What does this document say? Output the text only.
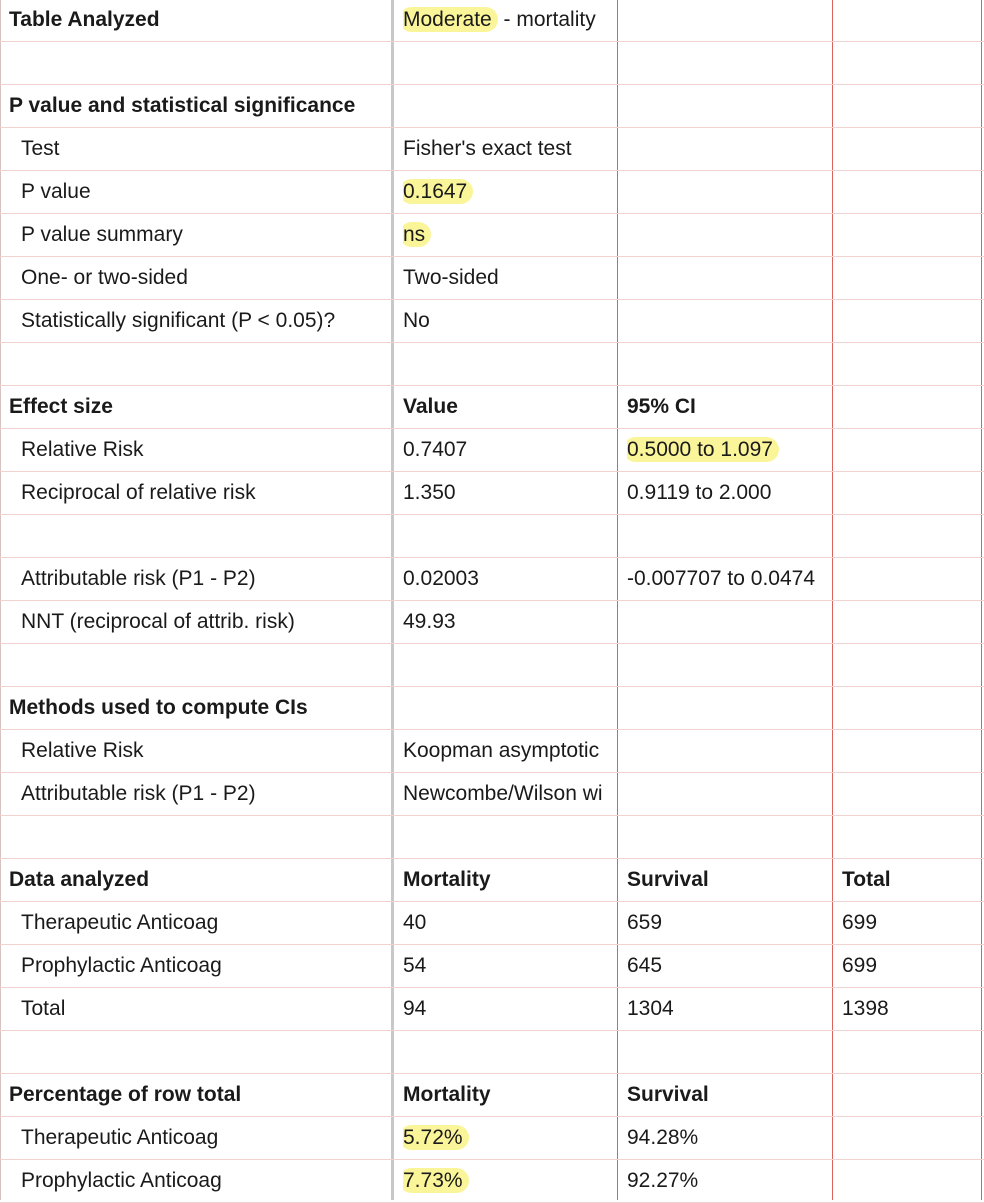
Table Analyzed	Moderate - mortality
P value and statistical significance
Test	Fisher's exact test
P value	0.1647
P value summary	ns
One- or two-sided	Two-sided
Statistically significant (P < 0.05)?	No
Effect size	Value	95% CI
Relative Risk	0.7407	0.5000 to 1.097
Reciprocal of relative risk	1.350	0.9119 to 2.000
Attributable risk (P1 - P2)	0.02003	-0.007707 to 0.0474
NNT (reciprocal of attrib. risk)	49.93
Methods used to compute CIs
Relative Risk	Koopman asymptotic
Attributable risk (P1 - P2)	Newcombe/Wilson wi
Data analyzed	Mortality	Survival	Total
Therapeutic Anticoag	40	659	699
Prophylactic Anticoag	54	645	699
Total	94	1304	1398
Percentage of row total	Mortality	Survival
Therapeutic Anticoag	5.72%	94.28%
Prophylactic Anticoag	7.73%	92.27%
